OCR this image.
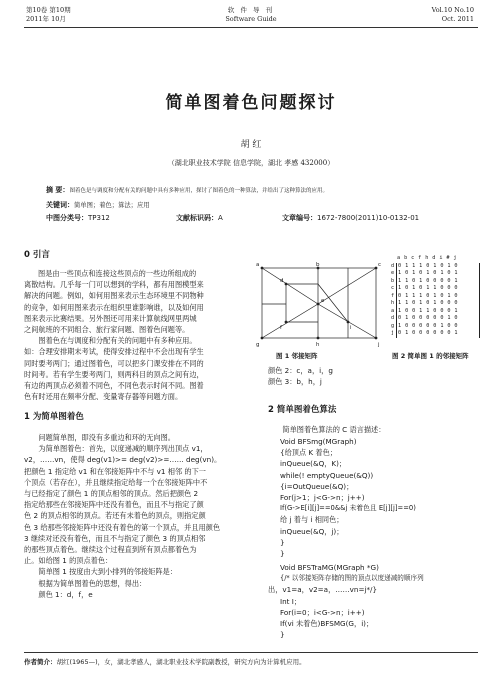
第10卷 第10期
2011年 10月
软 件 导 刊
Software Guide
Vol.10 No.10
Oct. 2011
简单图着色问题探讨
胡 红
（湖北职业技术学院 信息学院，湖北 孝感 432000）
摘 要：图着色是与调度和分配有关的问题中具有多种应用，探讨了图着色的一种算法，并给出了这种算法的应用。
关键词：简单图；着色；算法；应用
中图分类号：TP312	文献标识码：A	文章编号：1672-7800(2011)10-0132-01
0 引言

图是由一些顶点和连接这些顶点的一些边所组成的

离散结构。几乎每一门可以想到的学科，都有用图模型来

解决的问题。例如，如何用图来表示生态环境里不同物种

的竞争，如何用图来表示在组织里谁影响谁，以及如何用

图来表示比赛结果。另外图还可用来计算航线网里两城

之间航班的不同组合、旅行家问题、图着色问题等。

　　图着色在与调度和分配有关的问题中有多种应用。

如：合理安排期末考试，使得安排过程中不会出现有学生

同时要考两门；通过图着色，可以把多门课安排在不同的

时间考。若有学生要考两门，则两科目的顶点之间有边，

有边的两顶点必须着不同色，不同色表示时间不同。图着

色有时还用在频率分配、变量寄存器等问题方面。

1 为简单图着色

　　问题简单图，即没有多重边和环的无向图。

　　为简单图着色：首先，以度递减的顺序列出顶点 v1，

v2，……vn，使得 deg(v1)>= deg(v2)>=…… deg(vn)。

把颜色 1 指定给 v1 和在邻接矩阵中不与 v1 相邻 的下一

个顶点（若存在），并且继续指定给每一个在邻接矩阵中不

与已经指定了颜色 1 的顶点相邻的顶点。然后把颜色 2

指定给那些在邻接矩阵中还没有着色，而且不与指定了颜

色 2 的顶点相邻的顶点。若还有未着色的顶点，则指定颜

色 3 给那些邻接矩阵中还没有着色的第一个顶点，并且用颜色

3 继续对还没有着色，而且不与指定了颜色 3 的顶点相邻

的那些顶点着色。继续这个过程直到所有顶点都着色为

止。如给图 1 的顶点着色：

　　简单图 1 按度由大到小排列的邻接矩阵是：

　　根据为简单图着色的思想，得出：

　　颜色 1：d，f，e

a	b	c
d
e
f
g	h
i
j
图 1 邻接矩阵
a b c f h d i # j
d 0 1 1 1 0 1 0 1 0
e 1 0 1 0 1 0 1 0 1
b 1 1 0 1 0 0 0 0 1
c 1 0 1 0 1 1 0 0 0
f 0 1 1 1 0 1 0 1 0
h 1 1 0 1 0 1 0 0 0
a 1 0 0 1 1 0 0 0 1
d 0 1 0 0 0 0 0 1 0
g 1 0 0 0 0 0 1 0 0
j 0 1 0 0 0 0 0 0 1
图 2 简单图 1 的邻接矩阵

颜色 2：c，a，i，g

颜色 3：b，h，j

2 简单图着色算法
　　简单图着色算法的 C 语言描述：

Void BFSmg(MGraph)

{给顶点 K 着色；

inQueue(&Q，K)；

while(! emptyQueue(&Q))

{i=OutQueue(&Q)；

For(j>1；j<G->n；j++)

If(G->E[i][j]==0&&j 未着色且 E[j][j]==0)

给 j 着与 i 相同色；

inQueue(&Q，j)；

}

}

Void BFSTraMG(MGraph *G)

{/* 以邻接矩阵存储的图的顶点以度递减的顺序列

出，v1=a，v2=a，……vn=j*/}

Int I；

For(i=0；i<G->n；i++)

If(vi 未着色)BFSMG(G，i)；

}

作者简介：胡红(1965—)，女，湖北孝感人，湖北职业技术学院副教授，研究方向为计算机应用。
